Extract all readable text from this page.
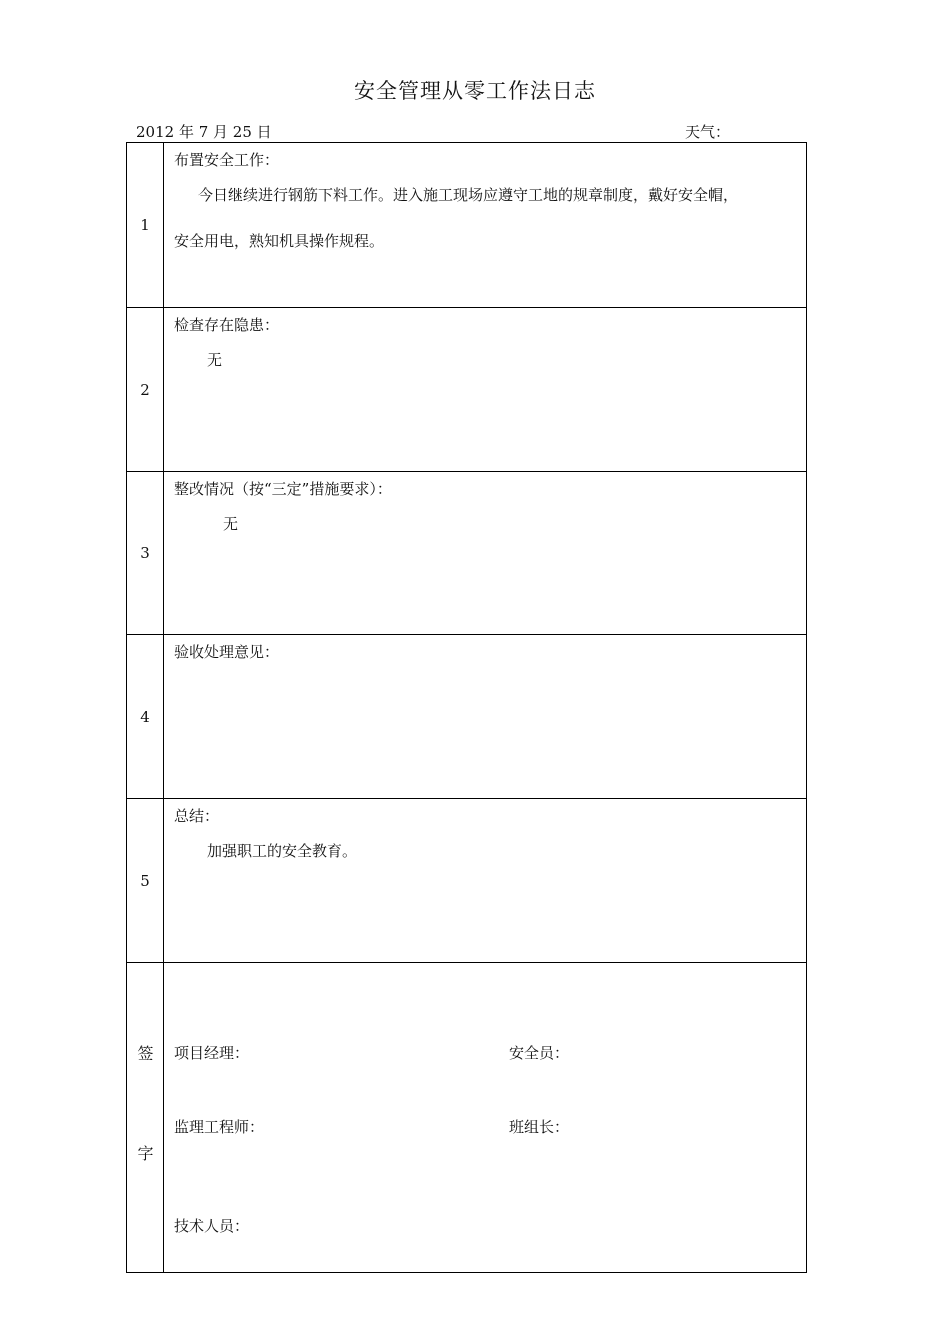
安全管理从零工作法日志
2012 年 7 月 25 日	天气：
1
布置安全工作：
今日继续进行钢筋下料工作。进入施工现场应遵守工地的规章制度，戴好安全帽，
安全用电，熟知机具操作规程。
2
检查存在隐患：
无
3
整改情况（按“三定”措施要求）：
无
4
验收处理意见：
5
总结：
加强职工的安全教育。
签
字
项目经理：	安全员：
监理工程师：	班组长：
技术人员：
